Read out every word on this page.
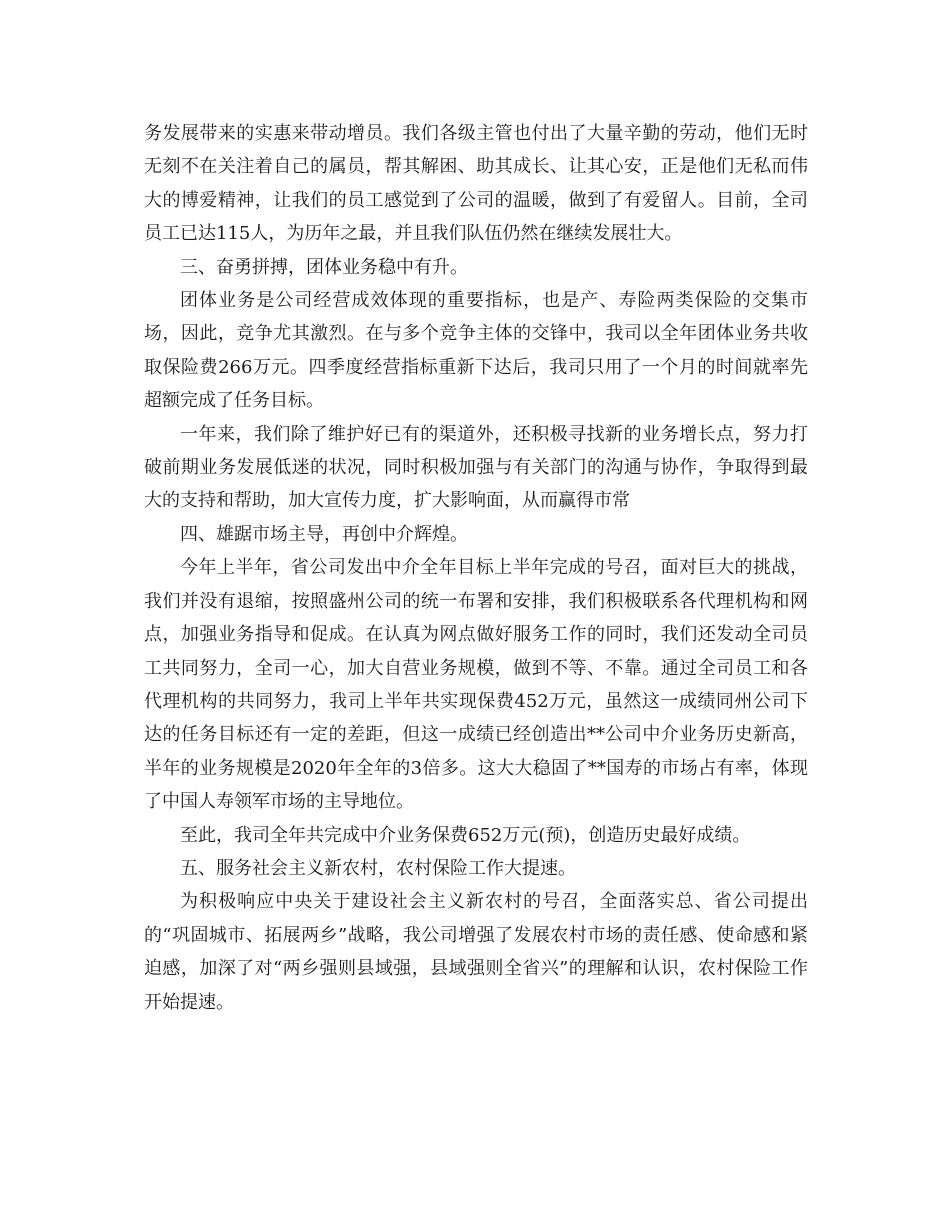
务发展带来的实惠来带动增员。我们各级主管也付出了大量辛勤的劳动，他们无时无刻不在关注着自己的属员，帮其解困、助其成长、让其心安，正是他们无私而伟大的博爱精神，让我们的员工感觉到了公司的温暖，做到了有爱留人。目前，全司员工已达115人，为历年之最，并且我们队伍仍然在继续发展壮大。

三、奋勇拼搏，团体业务稳中有升。

团体业务是公司经营成效体现的重要指标，也是产、寿险两类保险的交集市场，因此，竞争尤其激烈。在与多个竞争主体的交锋中，我司以全年团体业务共收取保险费266万元。四季度经营指标重新下达后，我司只用了一个月的时间就率先超额完成了任务目标。

一年来，我们除了维护好已有的渠道外，还积极寻找新的业务增长点，努力打破前期业务发展低迷的状况，同时积极加强与有关部门的沟通与协作，争取得到最大的支持和帮助，加大宣传力度，扩大影响面，从而赢得市常

四、雄踞市场主导，再创中介辉煌。

今年上半年，省公司发出中介全年目标上半年完成的号召，面对巨大的挑战，我们并没有退缩，按照盛州公司的统一布署和安排，我们积极联系各代理机构和网点，加强业务指导和促成。在认真为网点做好服务工作的同时，我们还发动全司员工共同努力，全司一心，加大自营业务规模，做到不等、不靠。通过全司员工和各代理机构的共同努力，我司上半年共实现保费452万元，虽然这一成绩同州公司下达的任务目标还有一定的差距，但这一成绩已经创造出**公司中介业务历史新高，半年的业务规模是2020年全年的3倍多。这大大稳固了**国寿的市场占有率，体现了中国人寿领军市场的主导地位。

至此，我司全年共完成中介业务保费652万元(预)，创造历史最好成绩。

五、服务社会主义新农村，农村保险工作大提速。

为积极响应中央关于建设社会主义新农村的号召，全面落实总、省公司提出的“巩固城市、拓展两乡”战略，我公司增强了发展农村市场的责任感、使命感和紧迫感，加深了对“两乡强则县域强，县域强则全省兴”的理解和认识，农村保险工作开始提速。
